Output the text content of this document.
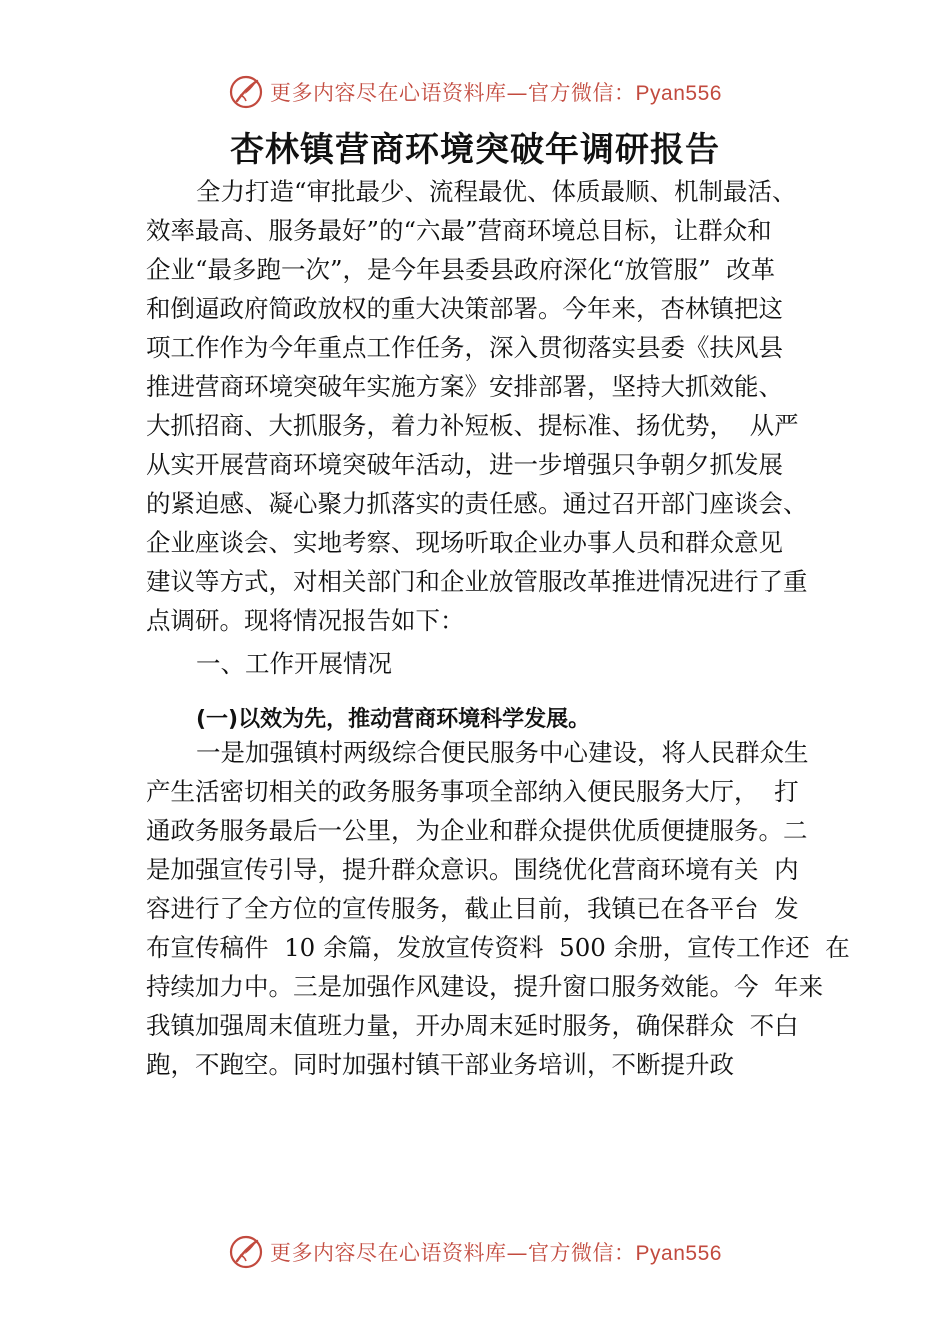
更多内容尽在心语资料库—官方微信：Pyan556
杏林镇营商环境突破年调研报告
全力打造“审批最少、流程最优、体质最顺、机制最活、
效率最高、服务最好”的“六最”营商环境总目标，让群众和
企业“最多跑一次”，是今年县委县政府深化“放管服”  改革
和倒逼政府简政放权的重大决策部署。今年来，杏林镇把这
项工作作为今年重点工作任务，深入贯彻落实县委《扶风县
推进营商环境突破年实施方案》安排部署，坚持大抓效能、
大抓招商、大抓服务，着力补短板、提标准、扬优势，  从严
从实开展营商环境突破年活动，进一步增强只争朝夕抓发展
的紧迫感、凝心聚力抓落实的责任感。通过召开部门座谈会、
企业座谈会、实地考察、现场听取企业办事人员和群众意见
建议等方式，对相关部门和企业放管服改革推进情况进行了重
点调研。现将情况报告如下：
一、工作开展情况
(一)以效为先，推动营商环境科学发展。
一是加强镇村两级综合便民服务中心建设，将人民群众生
产生活密切相关的政务服务事项全部纳入便民服务大厅，  打
通政务服务最后一公里，为企业和群众提供优质便捷服务。二
是加强宣传引导，提升群众意识。围绕优化营商环境有关  内
容进行了全方位的宣传服务，截止目前，我镇已在各平台  发
布宣传稿件  10 余篇，发放宣传资料  500 余册，宣传工作还  在
持续加力中。三是加强作风建设，提升窗口服务效能。今  年来
我镇加强周末值班力量，开办周末延时服务，确保群众  不白
跑，不跑空。同时加强村镇干部业务培训，不断提升政
更多内容尽在心语资料库—官方微信：Pyan556
